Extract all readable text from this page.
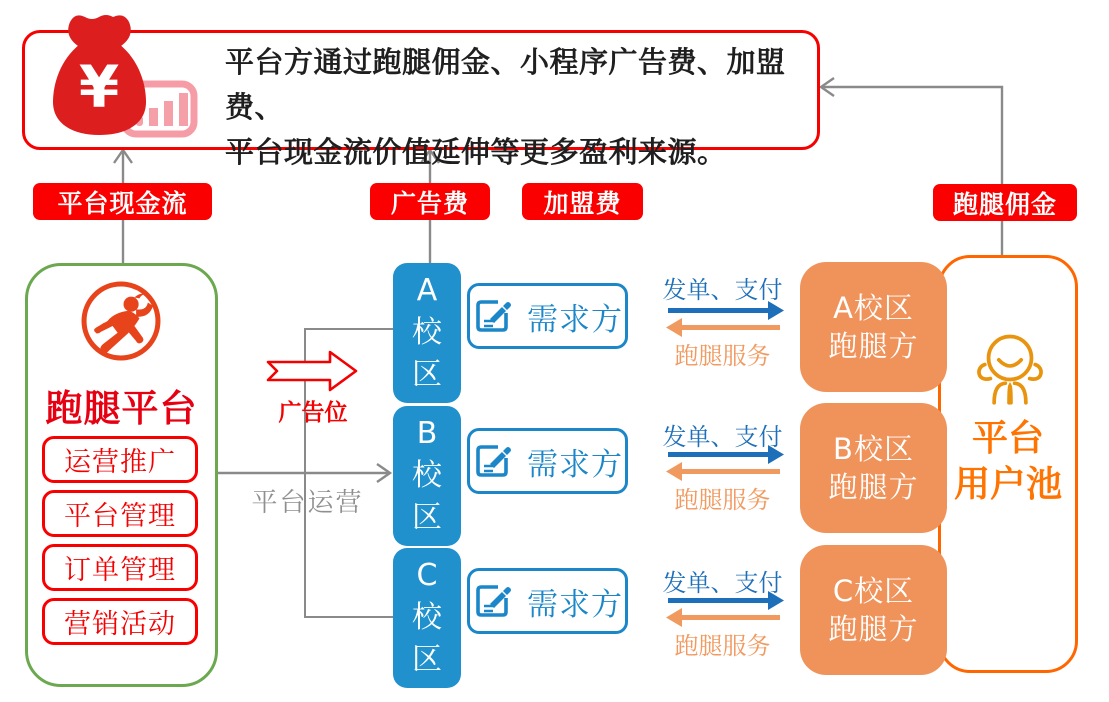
平台方通过跑腿佣金、小程序广告费、加盟费、
平台现金流价值延伸等更多盈利来源。
¥
平台现金流	广告费	加盟费	跑腿佣金
跑腿平台
运营推广
平台管理
订单管理
营销活动
广告位
平台运营
A校区
B校区
C校区
需求方
需求方
需求方
发单、支付
跑腿服务
发单、支付
跑腿服务
发单、支付
跑腿服务
平台
用户池
A校区
跑腿方
B校区
跑腿方
C校区
跑腿方
